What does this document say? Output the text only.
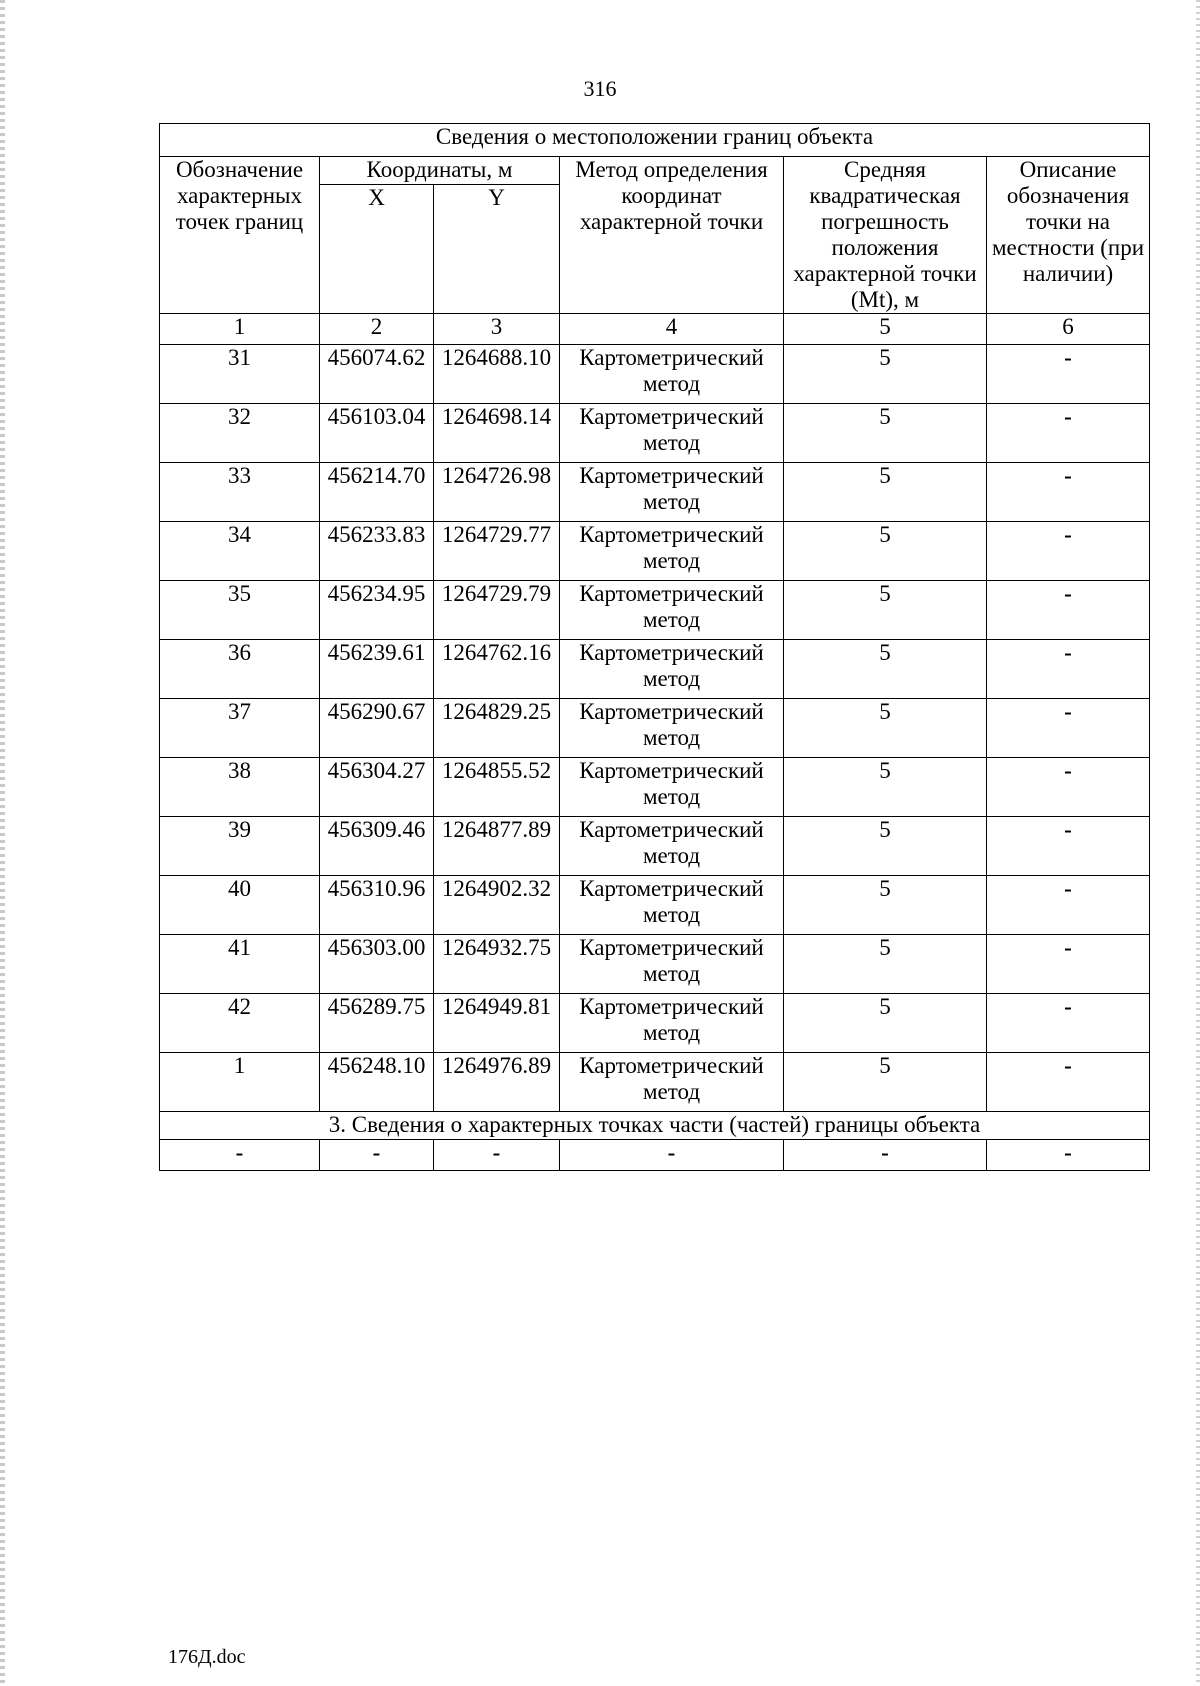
316
Сведения о местоположении границ объекта					
Обозначение характерных точек границ	Координаты, м		Метод определения координат характерной точки	Средняя квадратическая погрешность положения характерной точки (Mt), м	Описание обозначения точки на местности (при наличии)
	X	Y			
1	2	3	4	5	6
31	456074.62	1264688.10	Картометрический метод	5	-
32	456103.04	1264698.14	Картометрический метод	5	-
33	456214.70	1264726.98	Картометрический метод	5	-
34	456233.83	1264729.77	Картометрический метод	5	-
35	456234.95	1264729.79	Картометрический метод	5	-
36	456239.61	1264762.16	Картометрический метод	5	-
37	456290.67	1264829.25	Картометрический метод	5	-
38	456304.27	1264855.52	Картометрический метод	5	-
39	456309.46	1264877.89	Картометрический метод	5	-
40	456310.96	1264902.32	Картометрический метод	5	-
41	456303.00	1264932.75	Картометрический метод	5	-
42	456289.75	1264949.81	Картометрический метод	5	-
1	456248.10	1264976.89	Картометрический метод	5	-
3. Сведения о характерных точках части (частей) границы объекта					
-	-	-	-	-	-
176Д.doc
